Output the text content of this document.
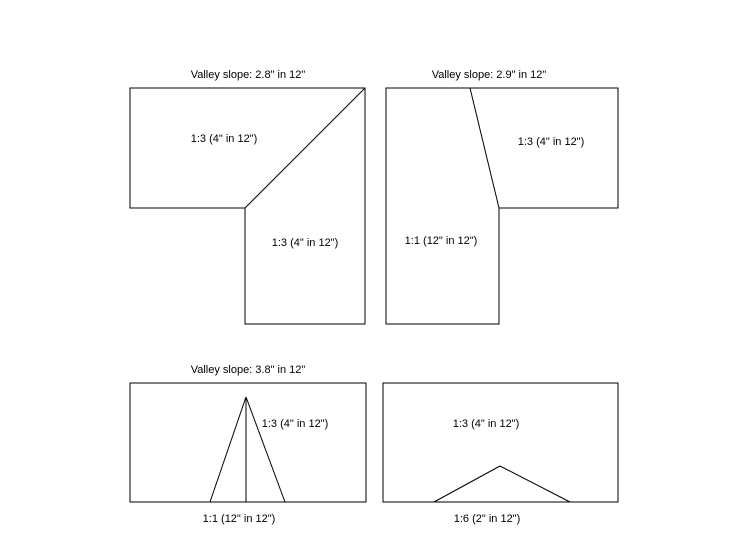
Valley slope: 2.8" in 12"
1:3 (4" in 12")
1:3 (4" in 12")
Valley slope: 2.9" in 12"
1:3 (4" in 12")
1:1 (12" in 12")
Valley slope: 3.8" in 12"
1:3 (4" in 12")
1:1 (12" in 12")
1:3 (4" in 12")
1:6 (2" in 12")
